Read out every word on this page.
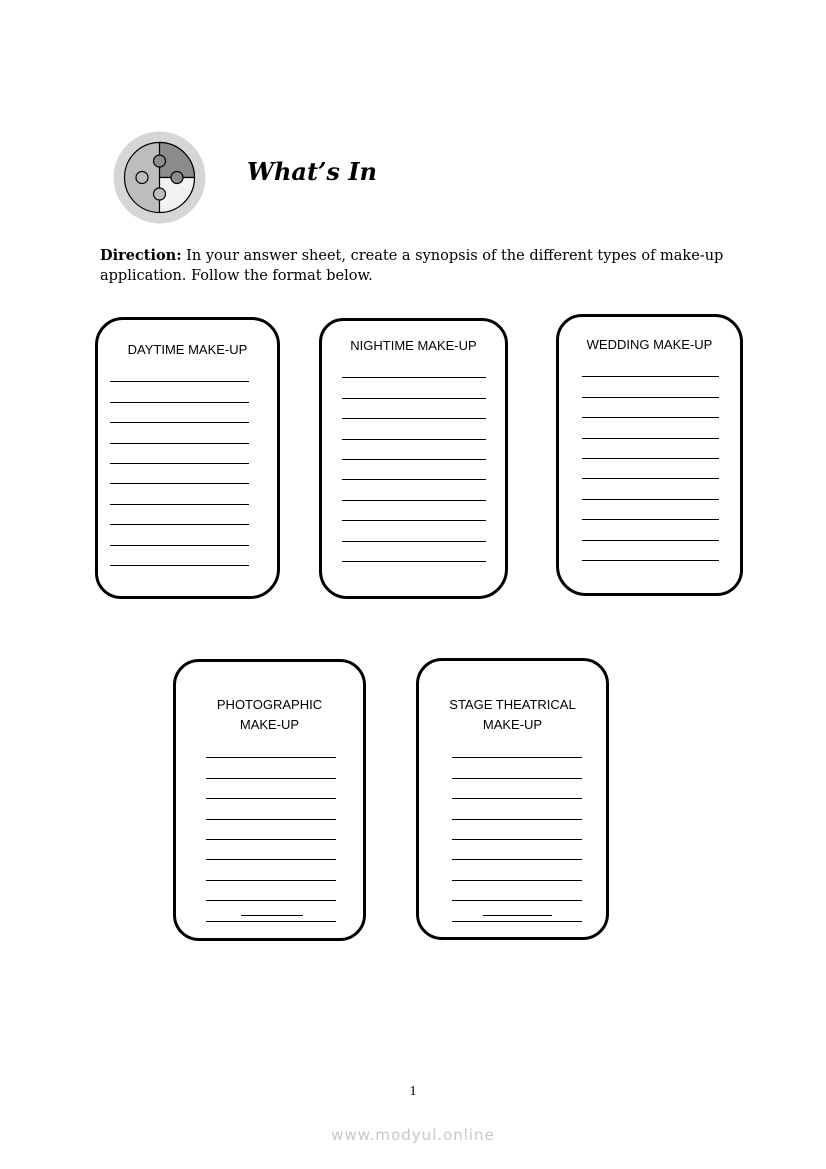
What’s In
Direction: In your answer sheet, create a synopsis of the different types of make-up application. Follow the format below.
DAYTIME MAKE-UP	NIGHTIME MAKE-UP	WEDDING MAKE-UP
PHOTOGRAPHIC
MAKE-UP
STAGE THEATRICAL
MAKE-UP
1
www.modyul.online
